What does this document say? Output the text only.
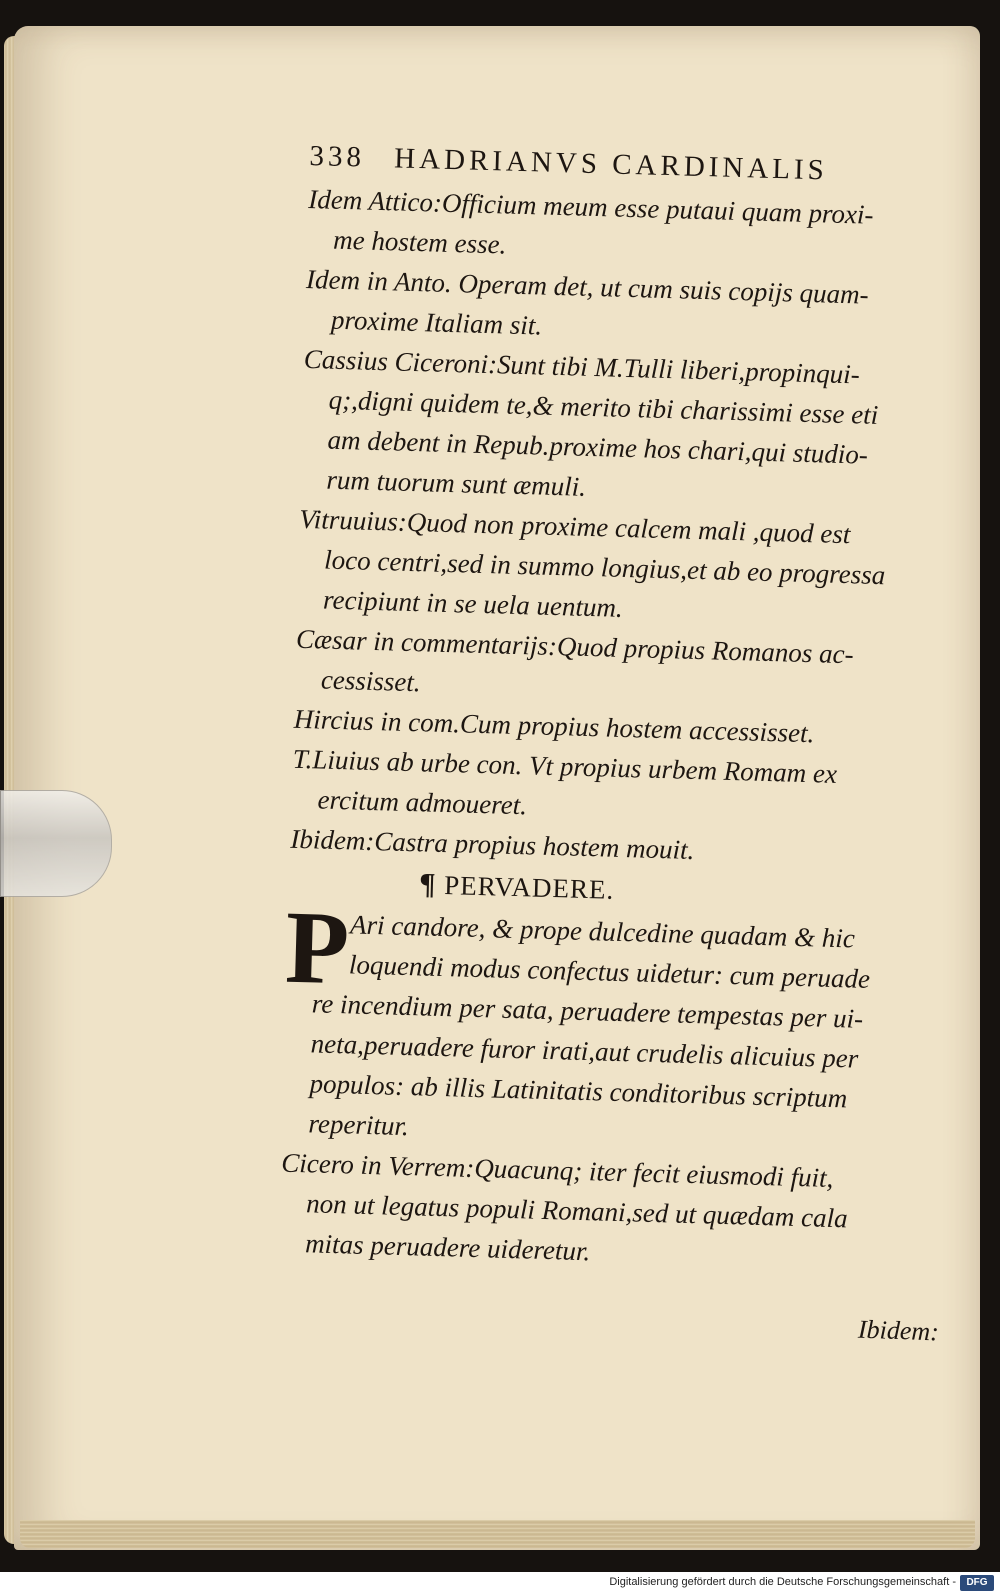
338 HADRIANVS CARDINALIS
Idem Attico:Officium meum esse putaui quam proxi-
me hostem esse.
Idem in Anto. Operam det, ut cum suis copijs quam-
proxime Italiam sit.
Cassius Ciceroni:Sunt tibi M.Tulli liberi,propinqui-
q;,digni quidem te,& merito tibi charissimi esse eti
am debent in Repub.proxime hos chari,qui studio-
rum tuorum sunt æmuli.
Vitruuius:Quod non proxime calcem mali ,quod est
loco centri,sed in summo longius,et ab eo progressa
recipiunt in se uela uentum.
Cæsar in commentarijs:Quod propius Romanos ac-
cessisset.
Hircius in com.Cum propius hostem accessisset.
T.Liuius ab urbe con. Vt propius urbem Romam ex
ercitum admoueret.
Ibidem:Castra propius hostem mouit.
¶ PERVADERE.
P Ari candore, & prope dulcedine quadam & hic
loquendi modus confectus uidetur: cum peruade
re incendium per sata, peruadere tempestas per ui-
neta,peruadere furor irati,aut crudelis alicuius per
populos: ab illis Latinitatis conditoribus scriptum
reperitur.
Cicero in Verrem:Quacunq; iter fecit eiusmodi fuit,
non ut legatus populi Romani,sed ut quædam cala
mitas peruadere uideretur.
Ibidem:
Digitalisierung gefördert durch die Deutsche Forschungsgemeinschaft -	DFG
